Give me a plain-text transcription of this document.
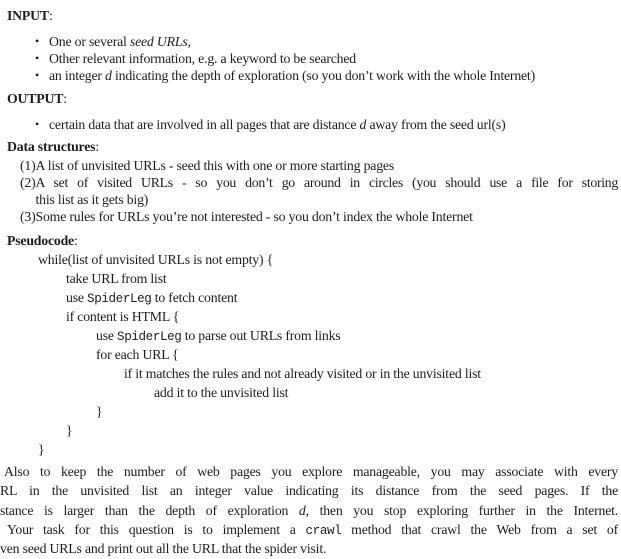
INPUT:
• One or several seed URLs,
• Other relevant information, e.g. a keyword to be searched
• an integer d indicating the depth of exploration (so you don’t work with the whole Internet)
OUTPUT:
• certain data that are involved in all pages that are distance d away from the seed url(s)
Data structures:
(1) A list of unvisited URLs - seed this with one or more starting pages
(2) A set of visited URLs - so you don’t go around in circles (you should use a file for storing
this list as it gets big)
(3) Some rules for URLs you’re not interested - so you don’t index the whole Internet
Pseudocode:
while(list of unvisited URLs is not empty) {
take URL from list
use SpiderLeg to fetch content
if content is HTML {
use SpiderLeg to parse out URLs from links
for each URL {
if it matches the rules and not already visited or in the unvisited list
add it to the unvisited list
}
}
}
Also to keep the number of web pages you explore manageable, you may associate with every
RL in the unvisited list an integer value indicating its distance from the seed pages. If the
stance is larger than the depth of exploration d, then you stop exploring further in the Internet.
Your task for this question is to implement a crawl method that crawl the Web from a set of
ven seed URLs and print out all the URL that the spider visit.
